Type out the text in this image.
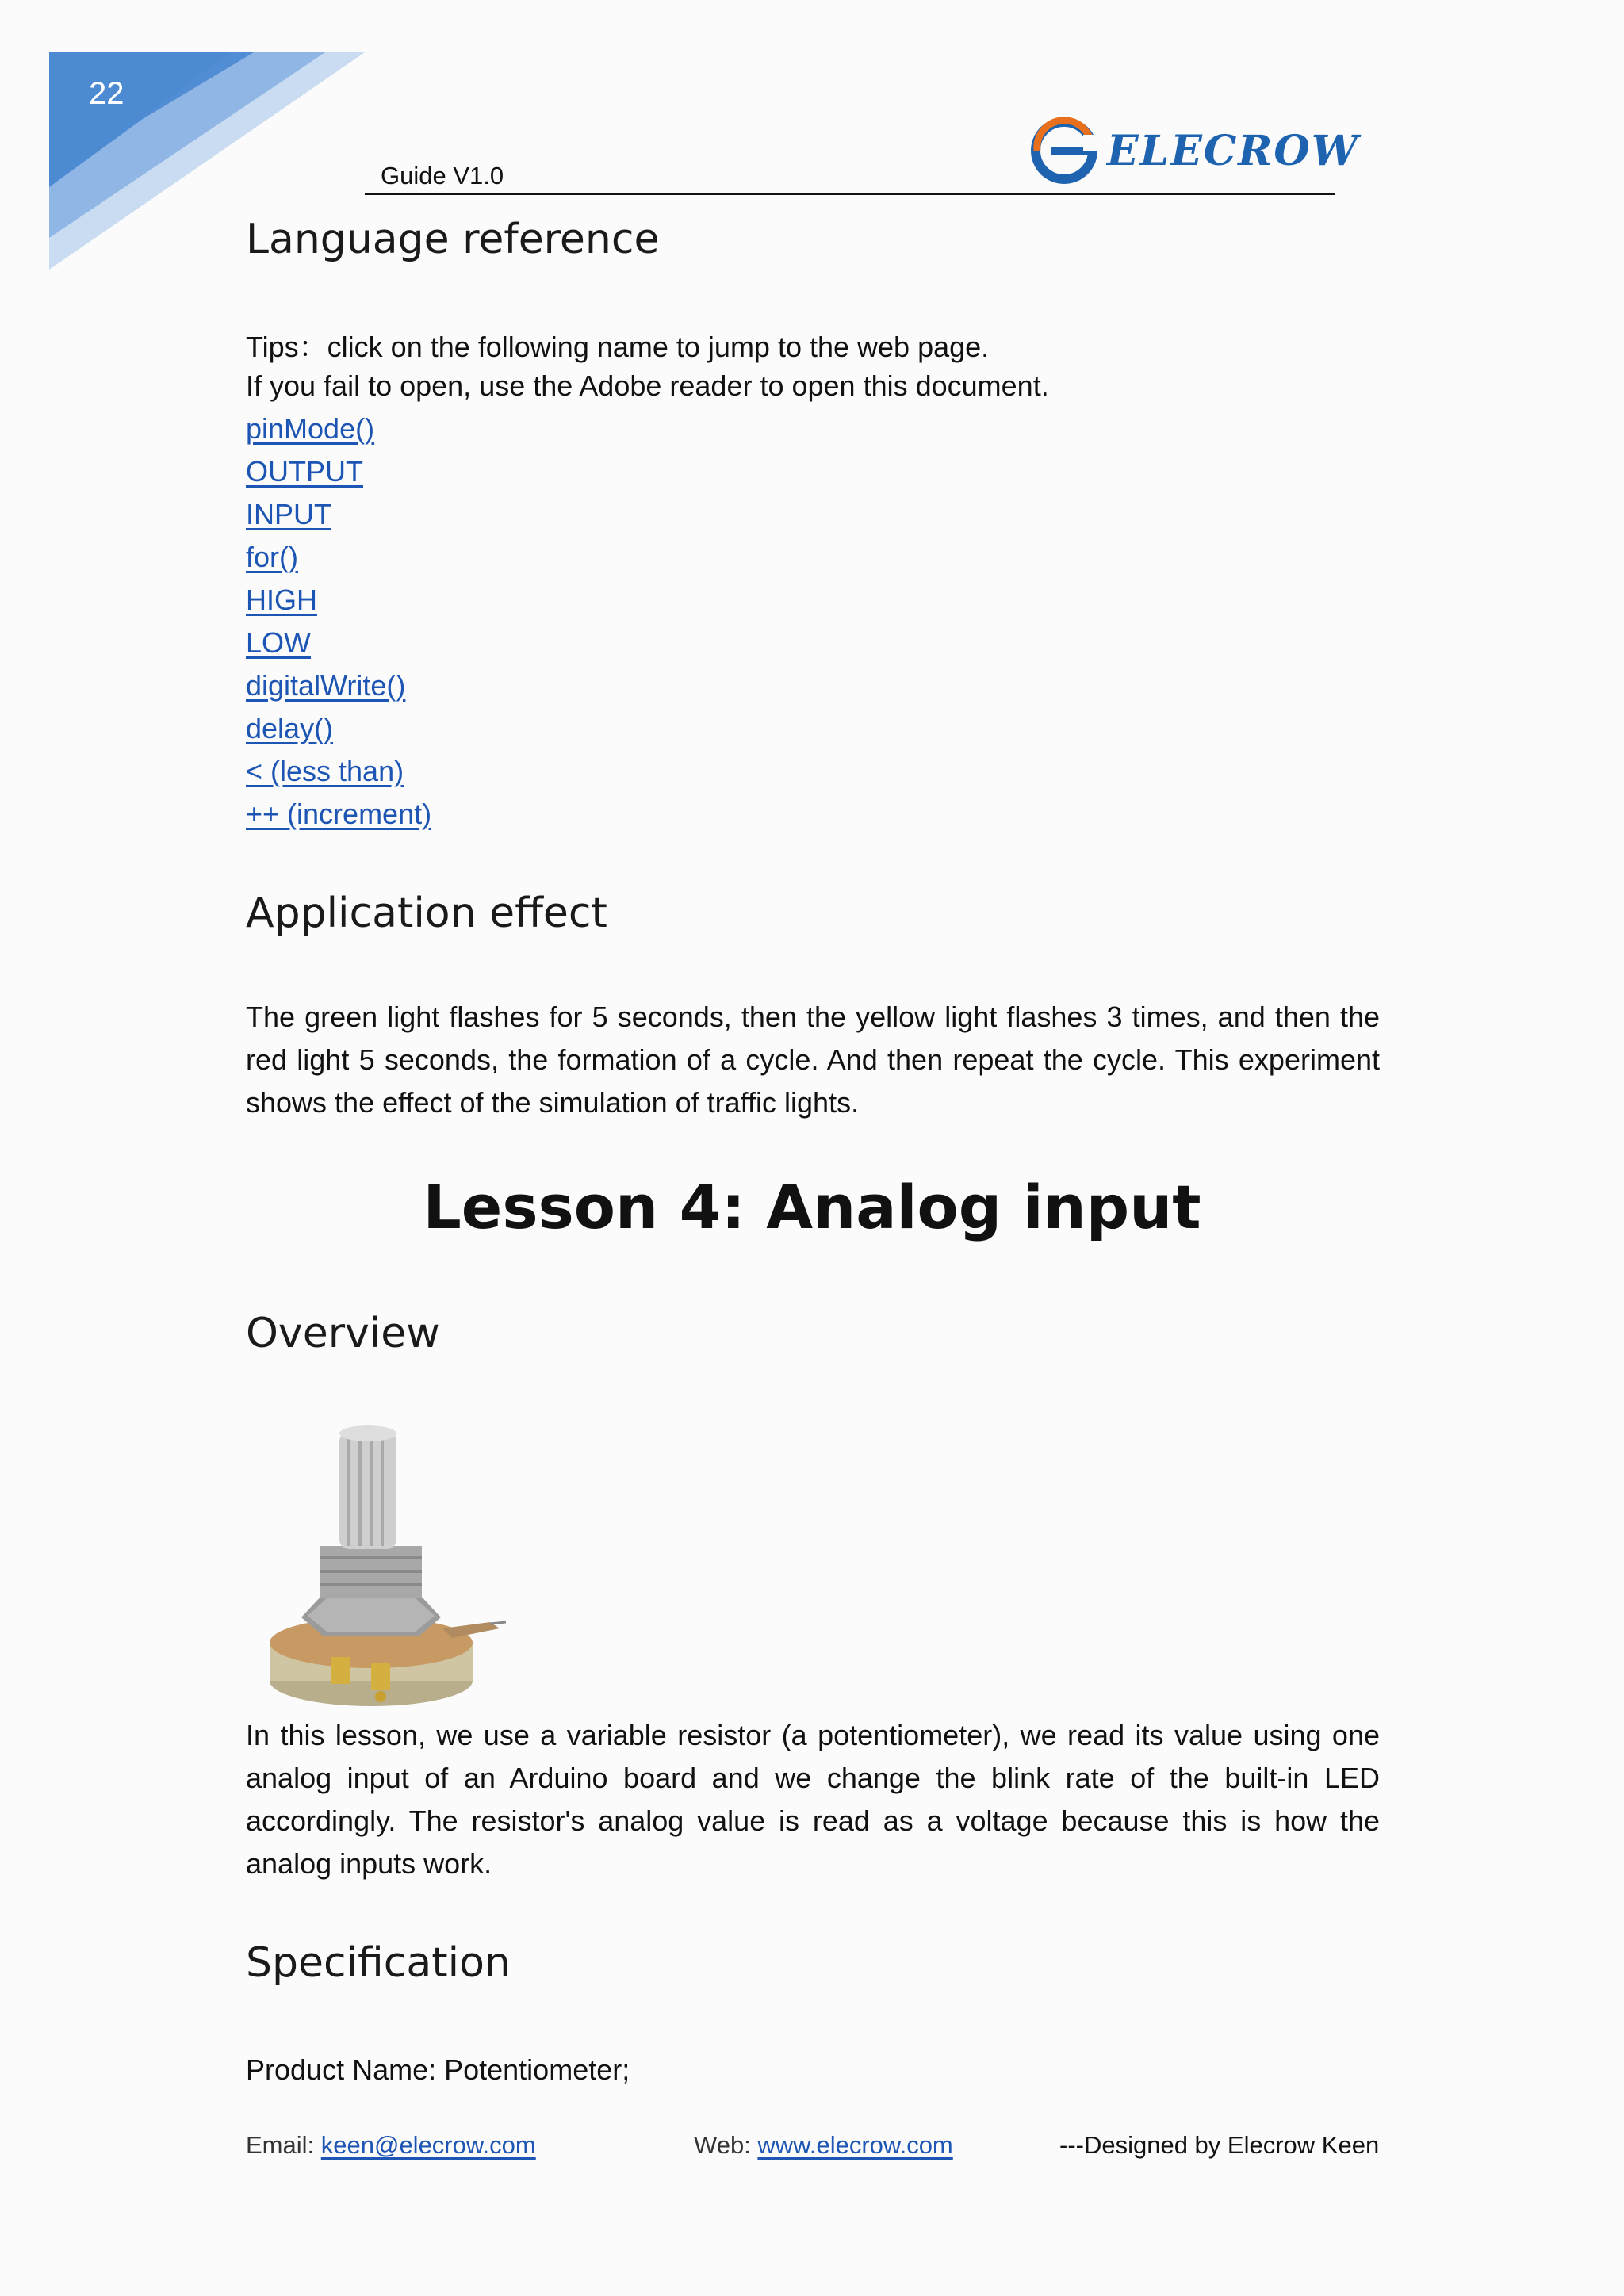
22
Guide V1.0
ELECROW
Language reference
Tips：click on the following name to jump to the web page.
If you fail to open, use the Adobe reader to open this document.
pinMode()
OUTPUT
INPUT
for()
HIGH
LOW
digitalWrite()
delay()
< (less than)
++ (increment)
Application effect
The green light flashes for 5 seconds, then the yellow light flashes 3 times, and then the red light 5 seconds, the formation of a cycle. And then repeat the cycle. This experiment shows the effect of the simulation of traffic lights.
Lesson 4: Analog input
Overview
In this lesson, we use a variable resistor (a potentiometer), we read its value using one analog input of an Arduino board and we change the blink rate of the built-in LED accordingly. The resistor's analog value is read as a voltage because this is how the analog inputs work.
Specification
Product Name: Potentiometer;
Email: keen@elecrow.com	Web: www.elecrow.com	---Designed by Elecrow Keen
